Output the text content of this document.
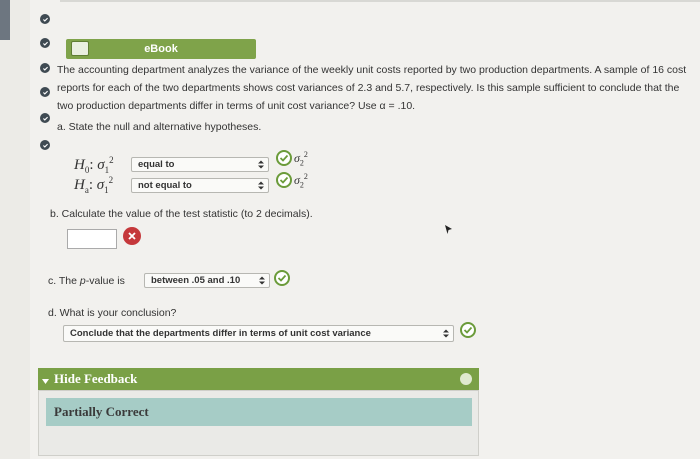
eBook
The accounting department analyzes the variance of the weekly unit costs reported by two production departments. A sample of 16 cost reports for each of the two departments shows cost variances of 2.3 and 5.7, respectively. Is this sample sufficient to conclude that the two production departments differ in terms of unit cost variance? Use α = .10.
a. State the null and alternative hypotheses.
$H_0$: $\sigma_1^2$	equal to	$\sigma_2^2$
$H_a$: $\sigma_1^2$	not equal to	$\sigma_2^2$
b. Calculate the value of the test statistic (to 2 decimals).
c. The p-value is	between .05 and .10
d. What is your conclusion?
Conclude that the departments differ in terms of unit cost variance
Hide Feedback
Partially Correct
